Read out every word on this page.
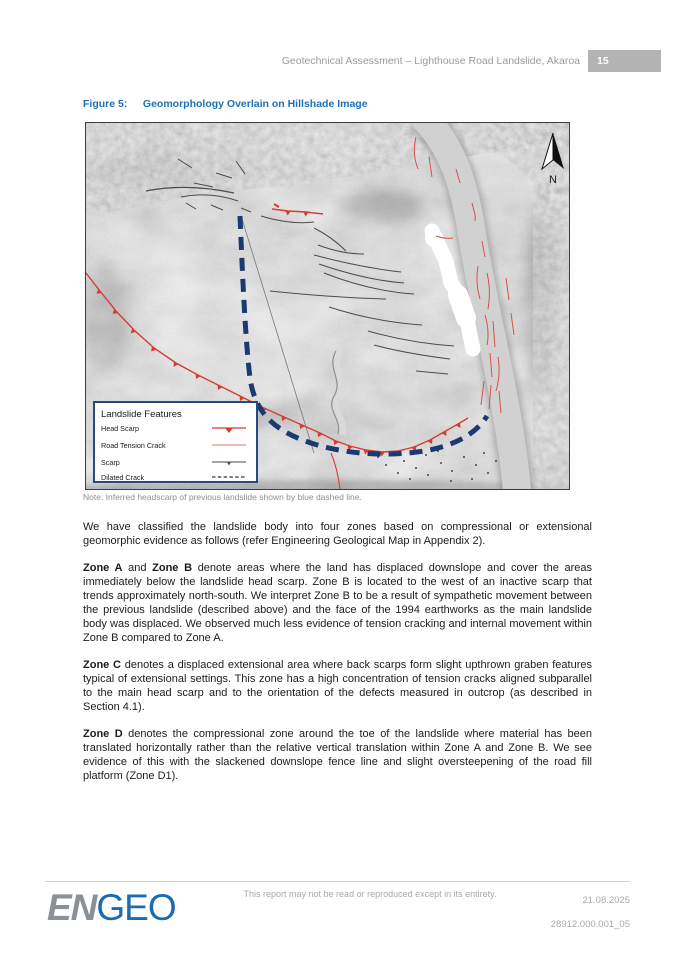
Geotechnical Assessment – Lighthouse Road Landslide, Akaroa	15
Figure 5: Geomorphology Overlain on Hillshade Image
N
Landslide Features
Head Scarp
Road Tension Crack
Scarp
Dilated Crack
Note: Inferred headscarp of previous landslide shown by blue dashed line.

We have classified the landslide body into four zones based on compressional or extensional geomorphic evidence as follows (refer Engineering Geological Map in Appendix 2).

Zone A and Zone B denote areas where the land has displaced downslope and cover the areas immediately below the landslide head scarp. Zone B is located to the west of an inactive scarp that trends approximately north-south. We interpret Zone B to be a result of sympathetic movement between the previous landslide (described above) and the face of the 1994 earthworks as the main landslide body was displaced. We observed much less evidence of tension cracking and internal movement within Zone B compared to Zone A.

Zone C denotes a displaced extensional area where back scarps form slight upthrown graben features typical of extensional settings. This zone has a high concentration of tension cracks aligned subparallel to the main head scarp and to the orientation of the defects measured in outcrop (as described in Section 4.1).

Zone D denotes the compressional zone around the toe of the landslide where material has been translated horizontally rather than the relative vertical translation within Zone A and Zone B. We see evidence of this with the slackened downslope fence line and slight oversteepening of the road fill platform (Zone D1).

ENGEO	This report may not be read or reproduced except in its entirety.
21.08.2025
28912.000.001_05
